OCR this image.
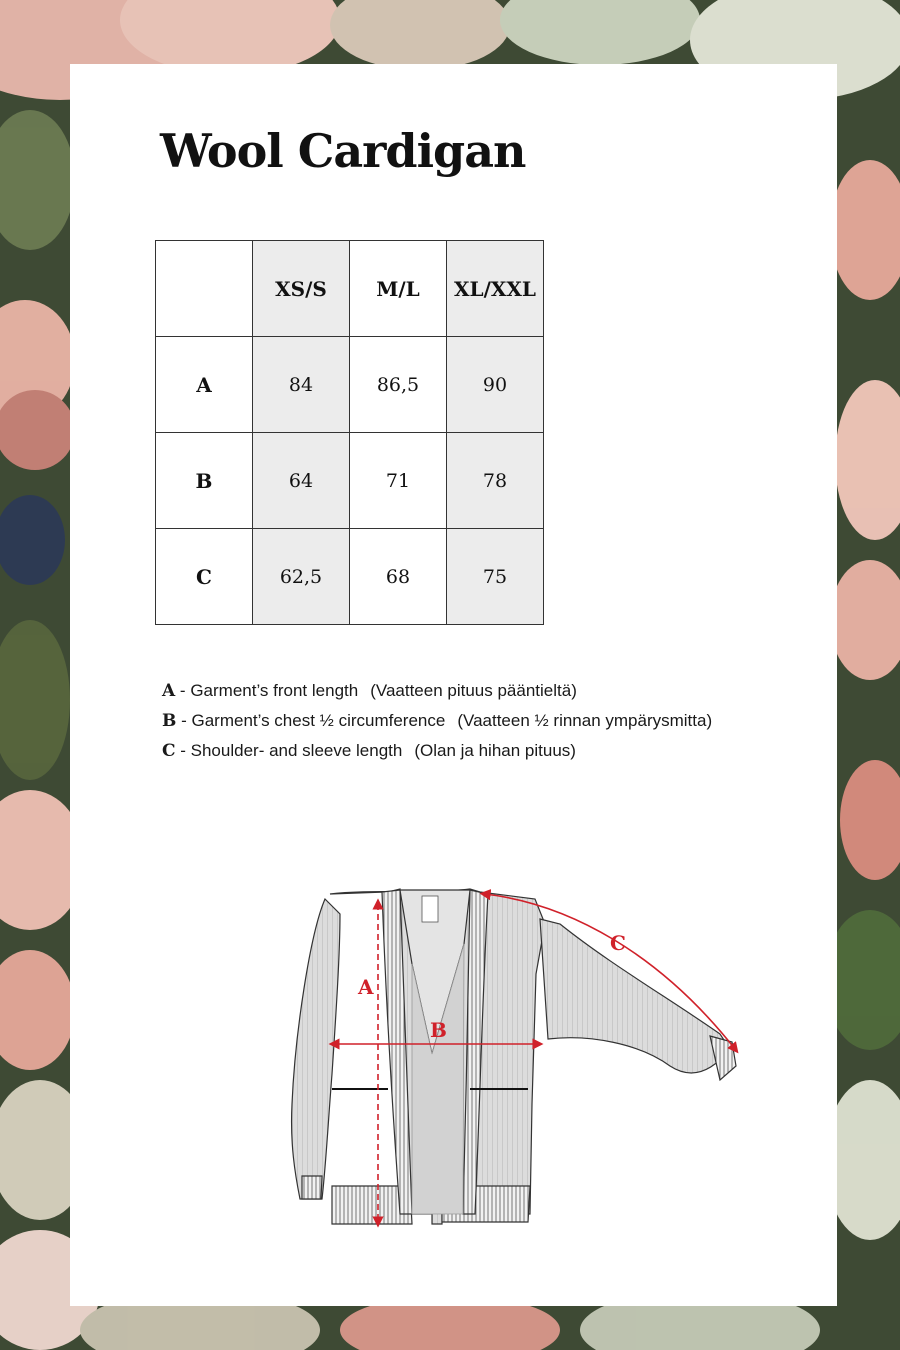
Wool Cardigan
	XS/S	M/L	XL/XXL
A	84	86,5	90
B	64	71	78
C	62,5	68	75
A - Garment’s front length (Vaatteen pituus pääntieltä)
B - Garment’s chest ½ circumference (Vaatteen ½ rinnan ympärysmitta)
C - Shoulder- and sleeve length (Olan ja hihan pituus)
A
B
C
